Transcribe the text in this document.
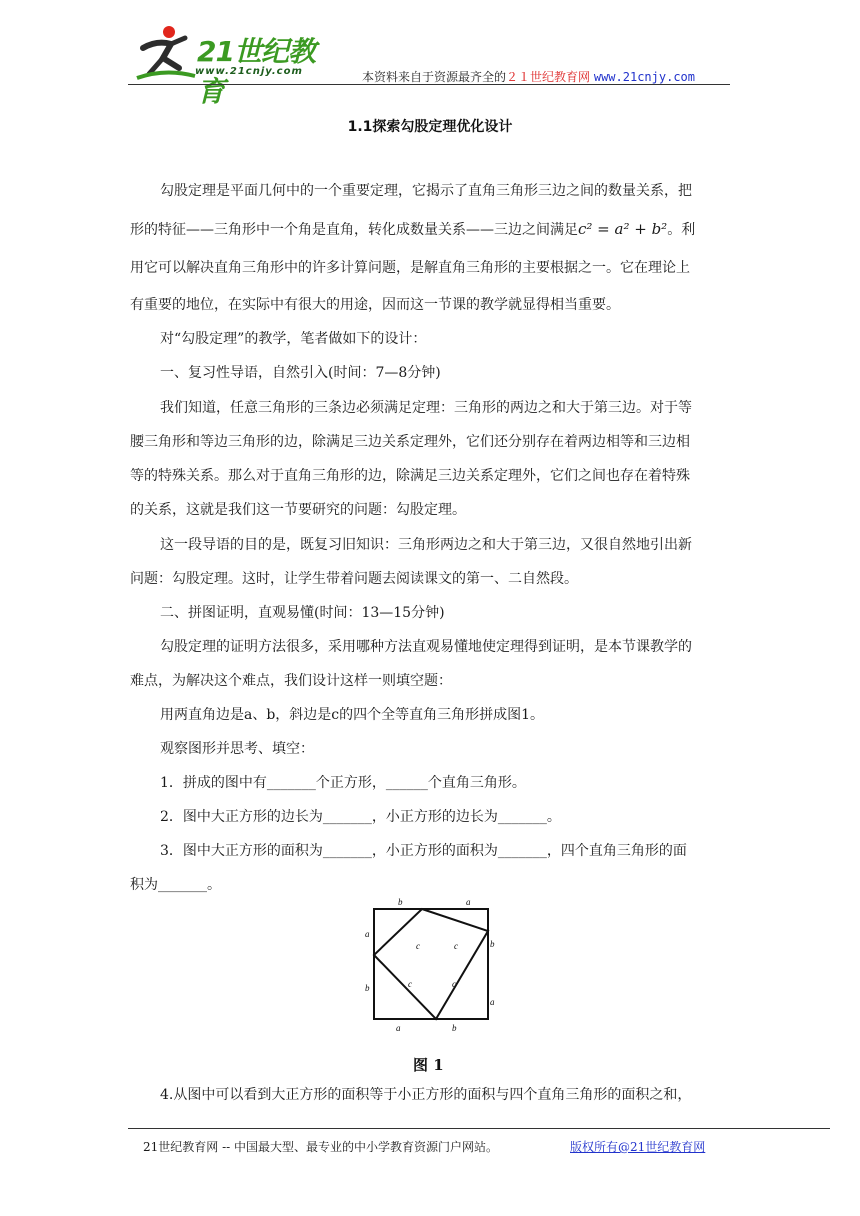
21世纪教育
www.21cnjy.com	本资料来自于资源最齐全的２１世纪教育网 www.21cnjy.com
1.1探索勾股定理优化设计
勾股定理是平面几何中的一个重要定理，它揭示了直角三角形三边之间的数量关系，把
形的特征——三角形中一个角是直角，转化成数量关系——三边之间满足c² = a² + b²。利
用它可以解决直角三角形中的许多计算问题，是解直角三角形的主要根据之一。它在理论上
有重要的地位，在实际中有很大的用途，因而这一节课的教学就显得相当重要。
对“勾股定理”的教学，笔者做如下的设计：
一、复习性导语，自然引入(时间：7—8分钟)
我们知道，任意三角形的三条边必须满足定理：三角形的两边之和大于第三边。对于等
腰三角形和等边三角形的边，除满足三边关系定理外，它们还分别存在着两边相等和三边相
等的特殊关系。那么对于直角三角形的边，除满足三边关系定理外，它们之间也存在着特殊
的关系，这就是我们这一节要研究的问题：勾股定理。
这一段导语的目的是，既复习旧知识：三角形两边之和大于第三边，又很自然地引出新
问题：勾股定理。这时，让学生带着问题去阅读课文的第一、二自然段。
二、拼图证明，直观易懂(时间：13—15分钟)
勾股定理的证明方法很多，采用哪种方法直观易懂地使定理得到证明，是本节课教学的
难点，为解决这个难点，我们设计这样一则填空题：
用两直角边是a、b，斜边是c的四个全等直角三角形拼成图1。
观察图形并思考、填空：
1．拼成的图中有_______个正方形，______个直角三角形。
2．图中大正方形的边长为_______，小正方形的边长为_______。
3．图中大正方形的面积为_______，小正方形的面积为_______，四个直角三角形的面
积为_______。
b	a
a
b
b
a
a	b
c	c
c	c
图 1
4.从图中可以看到大正方形的面积等于小正方形的面积与四个直角三角形的面积之和，
21世纪教育网 -- 中国最大型、最专业的中小学教育资源门户网站。	版权所有@21世纪教育网
